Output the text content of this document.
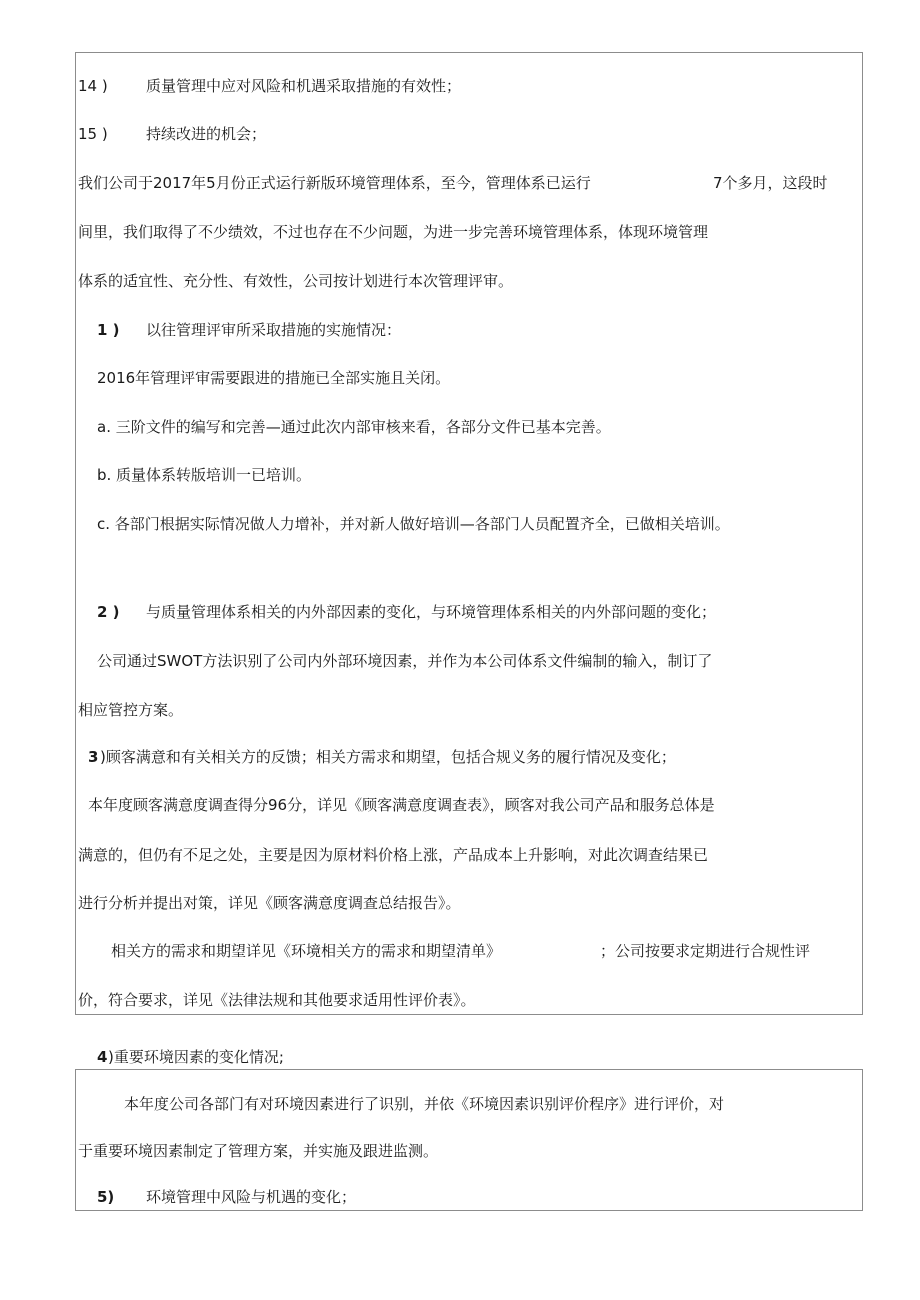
14 )	质量管理中应对风险和机遇采取措施的有效性；
15 )	持续改进的机会；
我们公司于2017年5月份正式运行新版环境管理体系，至今，管理体系已运行	7个多月，这段时
间里，我们取得了不少绩效，不过也存在不少问题，为进一步完善环境管理体系，体现环境管理
体系的适宜性、充分性、有效性，公司按计划进行本次管理评审。
1 ) 以往管理评审所采取措施的实施情况：
2016年管理评审需要跟进的措施已全部实施且关闭。
a. 三阶文件的编写和完善—通过此次内部审核来看，各部分文件已基本完善。
b. 质量体系转版培训一已培训。
c. 各部门根据实际情况做人力增补，并对新人做好培训—各部门人员配置齐全，已做相关培训。
2 ) 与质量管理体系相关的内外部因素的变化，与环境管理体系相关的内外部问题的变化；
公司通过SWOT方法识别了公司内外部环境因素，并作为本公司体系文件编制的输入，制订了
相应管控方案。
3 )顾客满意和有关相关方的反馈；相关方需求和期望，包括合规义务的履行情况及变化；
本年度顾客满意度调查得分96分，详见《顾客满意度调查表》，顾客对我公司产品和服务总体是
满意的，但仍有不足之处，主要是因为原材料价格上涨，产品成本上升影响，对此次调查结果已
进行分析并提出对策，详见《顾客满意度调查总结报告》。
相关方的需求和期望详见《环境相关方的需求和期望清单》	；公司按要求定期进行合规性评
价，符合要求，详见《法律法规和其他要求适用性评价表》。
4 )重要环境因素的变化情况;
本年度公司各部门有对环境因素进行了识别，并依《环境因素识别评价程序》进行评价，对
于重要环境因素制定了管理方案，并实施及跟进监测。
5) 环境管理中风险与机遇的变化；
